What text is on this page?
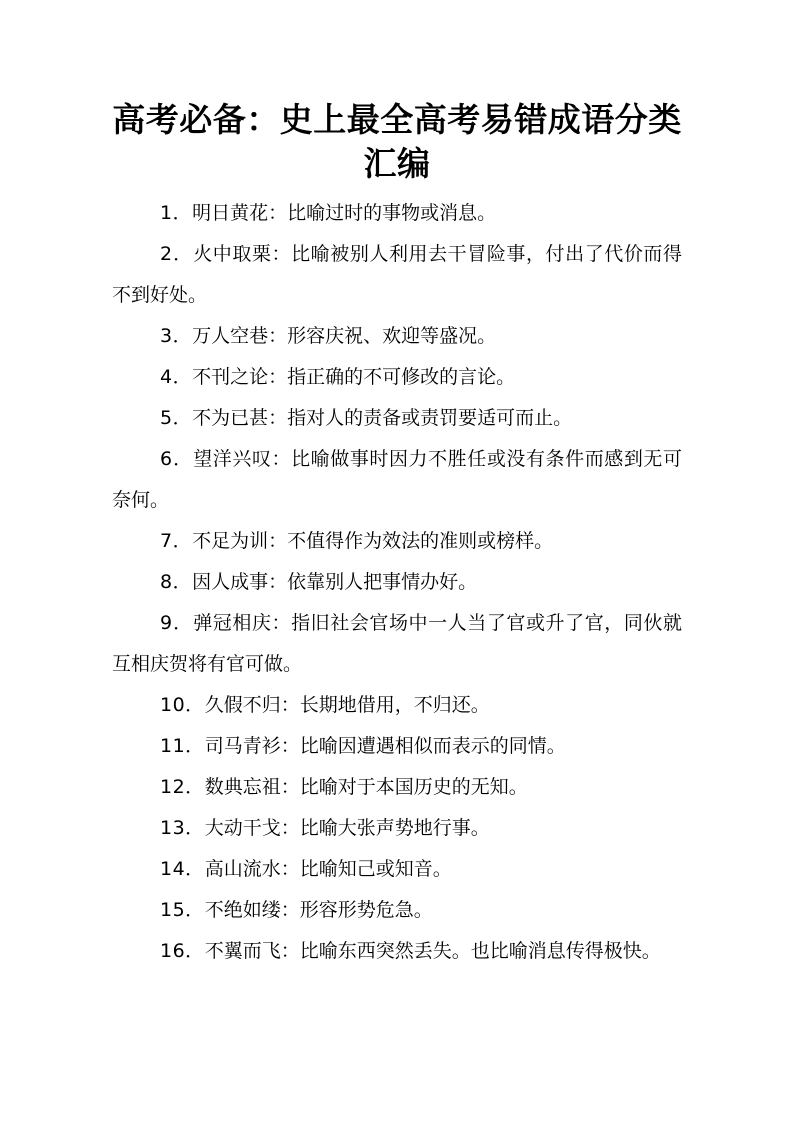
高考必备：史上最全高考易错成语分类汇编

1．明日黄花：比喻过时的事物或消息。

2．火中取栗：比喻被别人利用去干冒险事，付出了代价而得不到好处。

3．万人空巷：形容庆祝、欢迎等盛况。

4．不刊之论：指正确的不可修改的言论。

5．不为已甚：指对人的责备或责罚要适可而止。

6．望洋兴叹：比喻做事时因力不胜任或没有条件而感到无可奈何。

7．不足为训：不值得作为效法的准则或榜样。

8．因人成事：依靠别人把事情办好。

9．弹冠相庆：指旧社会官场中一人当了官或升了官，同伙就互相庆贺将有官可做。

10．久假不归：长期地借用，不归还。

11．司马青衫：比喻因遭遇相似而表示的同情。

12．数典忘祖：比喻对于本国历史的无知。

13．大动干戈：比喻大张声势地行事。

14．高山流水：比喻知己或知音。

15．不绝如缕：形容形势危急。

16．不翼而飞：比喻东西突然丢失。也比喻消息传得极快。
